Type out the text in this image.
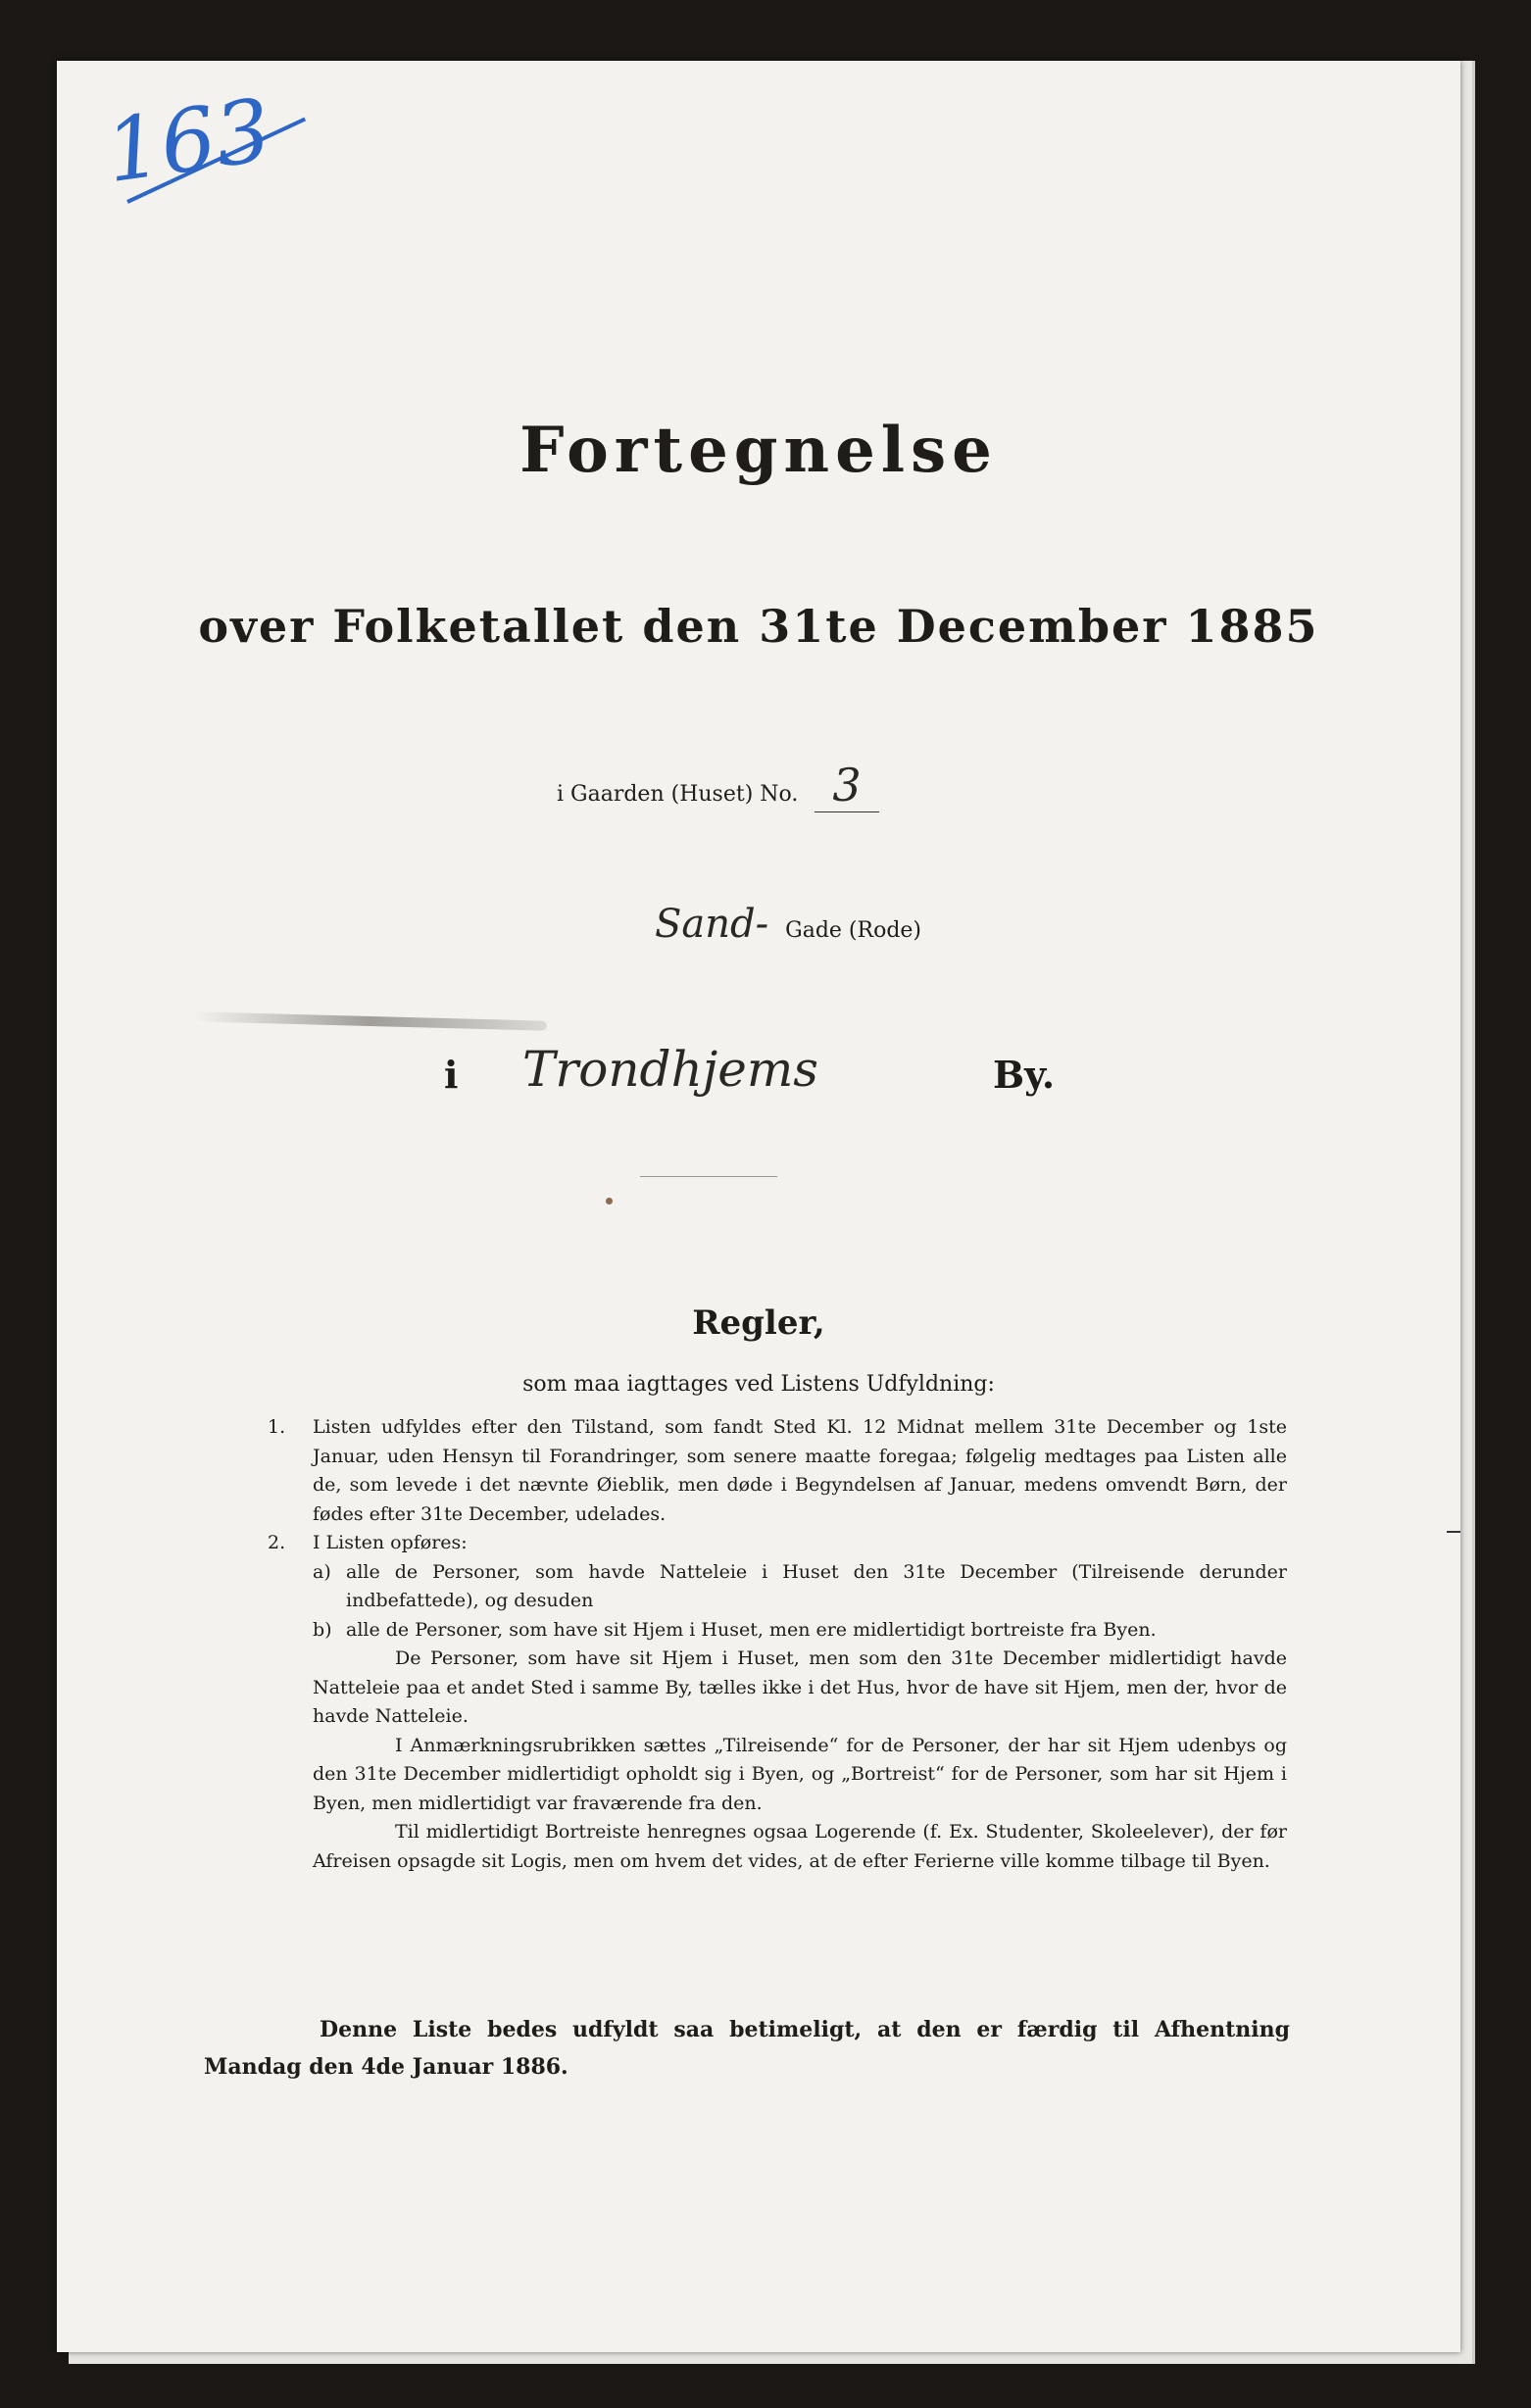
163
Fortegnelse
over Folketallet den 31te December 1885
i Gaarden (Huset) No. 3
Sand- Gade (Rode)
i Trondhjems	By.
Regler,
som maa iagttages ved Listens Udfyldning:
1. Listen udfyldes efter den Tilstand, som fandt Sted Kl. 12 Midnat mellem 31te December og 1ste Januar, uden Hensyn til Forandringer, som senere maatte foregaa; følgelig medtages paa Listen alle de, som levede i det nævnte Øieblik, men døde i Begyndelsen af Januar, medens omvendt Børn, der fødes efter 31te December, udelades.
2. I Listen opføres:
a) alle de Personer, som havde Natteleie i Huset den 31te December (Tilreisende derunder indbefattede), og desuden
b) alle de Personer, som have sit Hjem i Huset, men ere midlertidigt bortreiste fra Byen.
De Personer, som have sit Hjem i Huset, men som den 31te December midlertidigt havde Natteleie paa et andet Sted i samme By, tælles ikke i det Hus, hvor de have sit Hjem, men der, hvor de havde Natteleie.
I Anmærkningsrubrikken sættes „Tilreisende“ for de Personer, der har sit Hjem udenbys og den 31te December midlertidigt opholdt sig i Byen, og „Bortreist“ for de Personer, som har sit Hjem i Byen, men midlertidigt var fraværende fra den.
Til midlertidigt Bortreiste henregnes ogsaa Logerende (f. Ex. Studenter, Skoleelever), der før Afreisen opsagde sit Logis, men om hvem det vides, at de efter Ferierne ville komme tilbage til Byen.
Denne Liste bedes udfyldt saa betimeligt, at den er færdig til Afhentning Mandag den 4de Januar 1886.
